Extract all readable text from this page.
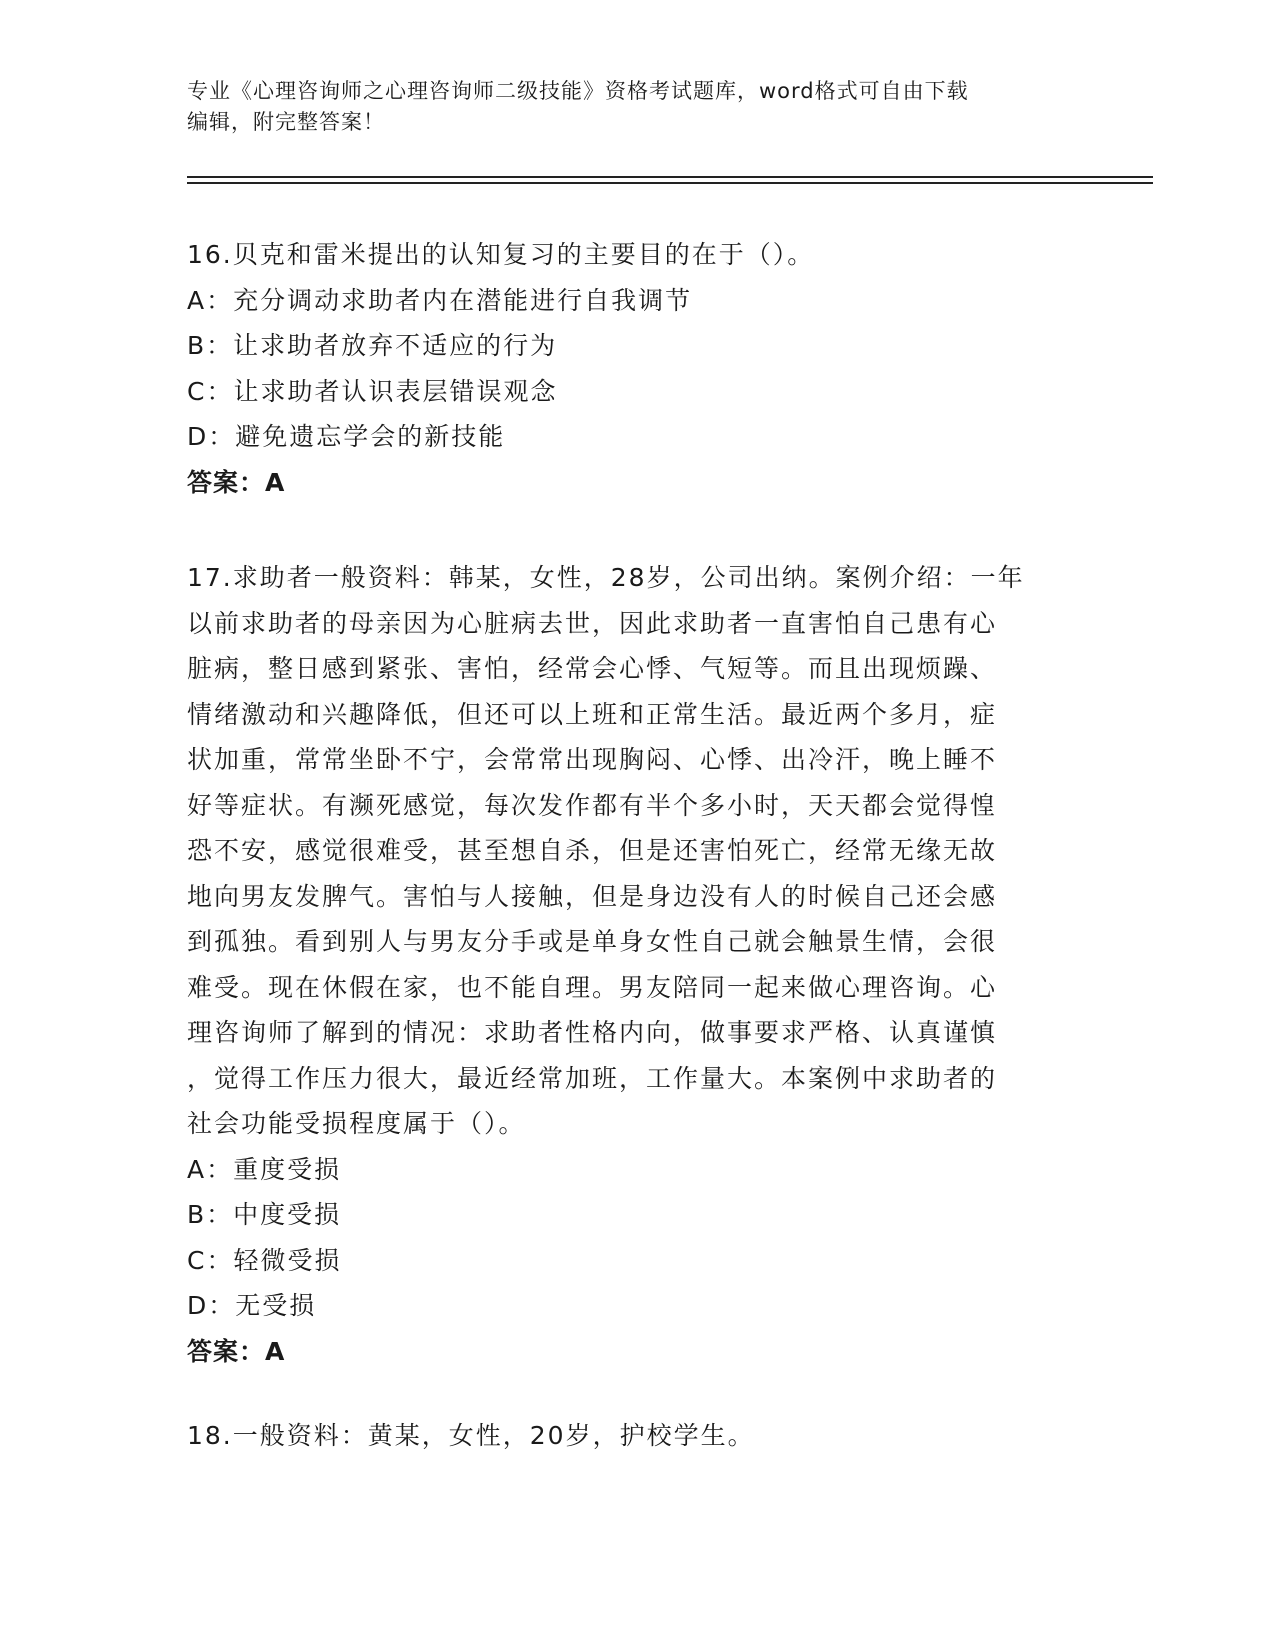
专业《心理咨询师之心理咨询师二级技能》资格考试题库，word格式可自由下载
编辑，附完整答案！
16.贝克和雷米提出的认知复习的主要目的在于（）。
A：充分调动求助者内在潜能进行自我调节
B：让求助者放弃不适应的行为
C：让求助者认识表层错误观念
D：避免遗忘学会的新技能
答案：A
17.求助者一般资料：韩某，女性，28岁，公司出纳。案例介绍：一年
以前求助者的母亲因为心脏病去世，因此求助者一直害怕自己患有心
脏病，整日感到紧张、害怕，经常会心悸、气短等。而且出现烦躁、
情绪激动和兴趣降低，但还可以上班和正常生活。最近两个多月，症
状加重，常常坐卧不宁，会常常出现胸闷、心悸、出冷汗，晚上睡不
好等症状。有濒死感觉，每次发作都有半个多小时，天天都会觉得惶
恐不安，感觉很难受，甚至想自杀，但是还害怕死亡，经常无缘无故
地向男友发脾气。害怕与人接触，但是身边没有人的时候自己还会感
到孤独。看到别人与男友分手或是单身女性自己就会触景生情，会很
难受。现在休假在家，也不能自理。男友陪同一起来做心理咨询。心
理咨询师了解到的情况：求助者性格内向，做事要求严格、认真谨慎
，觉得工作压力很大，最近经常加班，工作量大。本案例中求助者的
社会功能受损程度属于（）。
A：重度受损
B：中度受损
C：轻微受损
D：无受损
答案：A
18.一般资料：黄某，女性，20岁，护校学生。
